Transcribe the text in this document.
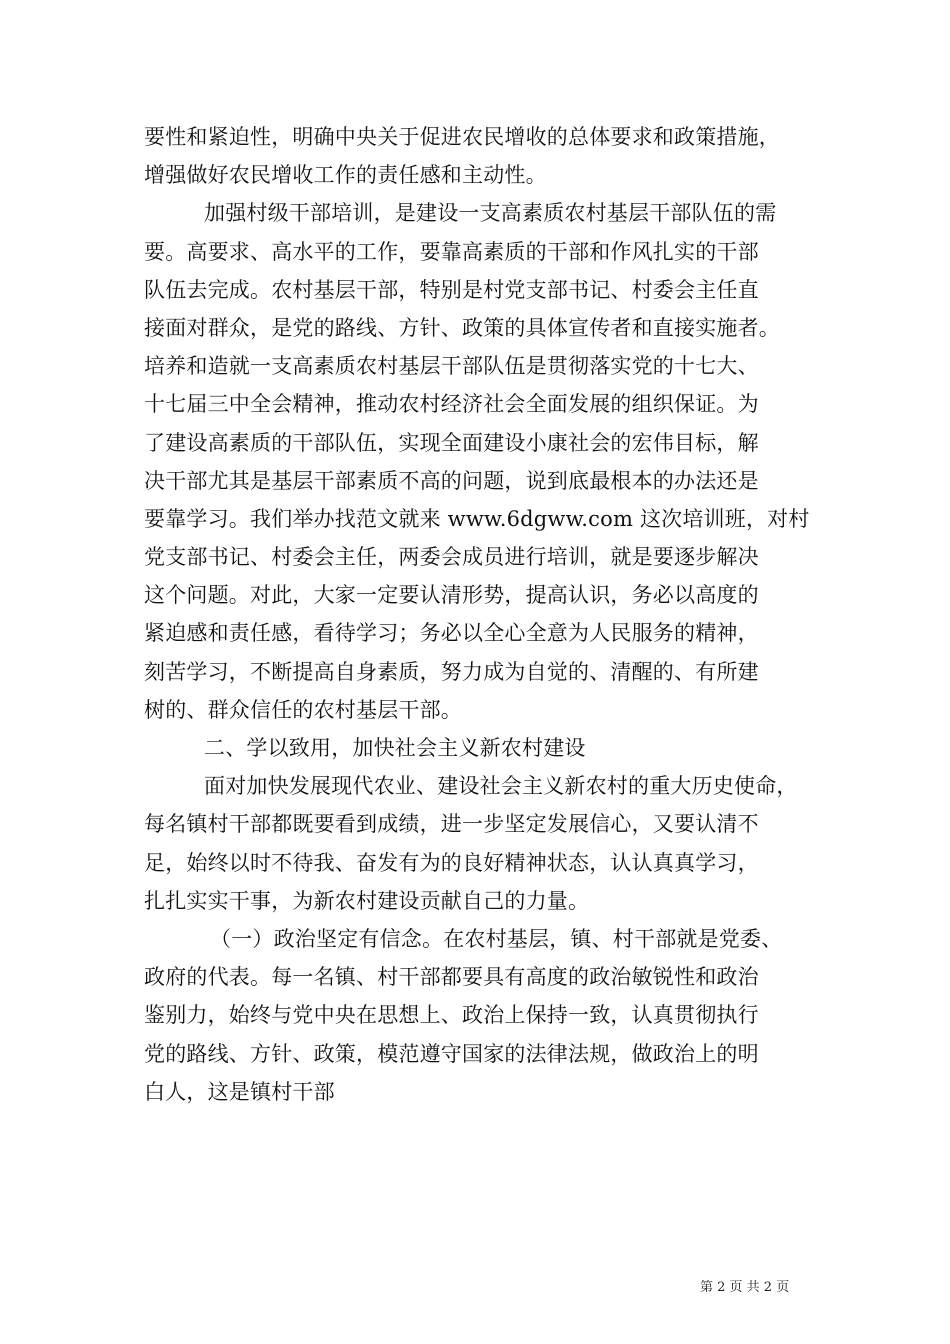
要性和紧迫性，明确中央关于促进农民增收的总体要求和政策措施，
增强做好农民增收工作的责任感和主动性。
加强村级干部培训，是建设一支高素质农村基层干部队伍的需
要。高要求、高水平的工作，要靠高素质的干部和作风扎实的干部
队伍去完成。农村基层干部，特别是村党支部书记、村委会主任直
接面对群众，是党的路线、方针、政策的具体宣传者和直接实施者。
培养和造就一支高素质农村基层干部队伍是贯彻落实党的十七大、
十七届三中全会精神，推动农村经济社会全面发展的组织保证。为
了建设高素质的干部队伍，实现全面建设小康社会的宏伟目标，解
决干部尤其是基层干部素质不高的问题，说到底最根本的办法还是
要靠学习。我们举办找范文就来 www.6dgww.com 这次培训班，对村
党支部书记、村委会主任，两委会成员进行培训，就是要逐步解决
这个问题。对此，大家一定要认清形势，提高认识，务必以高度的
紧迫感和责任感，看待学习；务必以全心全意为人民服务的精神，
刻苦学习，不断提高自身素质，努力成为自觉的、清醒的、有所建
树的、群众信任的农村基层干部。
二、学以致用，加快社会主义新农村建设
面对加快发展现代农业、建设社会主义新农村的重大历史使命，
每名镇村干部都既要看到成绩，进一步坚定发展信心，又要认清不
足，始终以时不待我、奋发有为的良好精神状态，认认真真学习，
扎扎实实干事，为新农村建设贡献自己的力量。
（一）政治坚定有信念。在农村基层，镇、村干部就是党委、
政府的代表。每一名镇、村干部都要具有高度的政治敏锐性和政治
鉴别力，始终与党中央在思想上、政治上保持一致，认真贯彻执行
党的路线、方针、政策，模范遵守国家的法律法规，做政治上的明
白人，这是镇村干部
第 2 页 共 2 页
